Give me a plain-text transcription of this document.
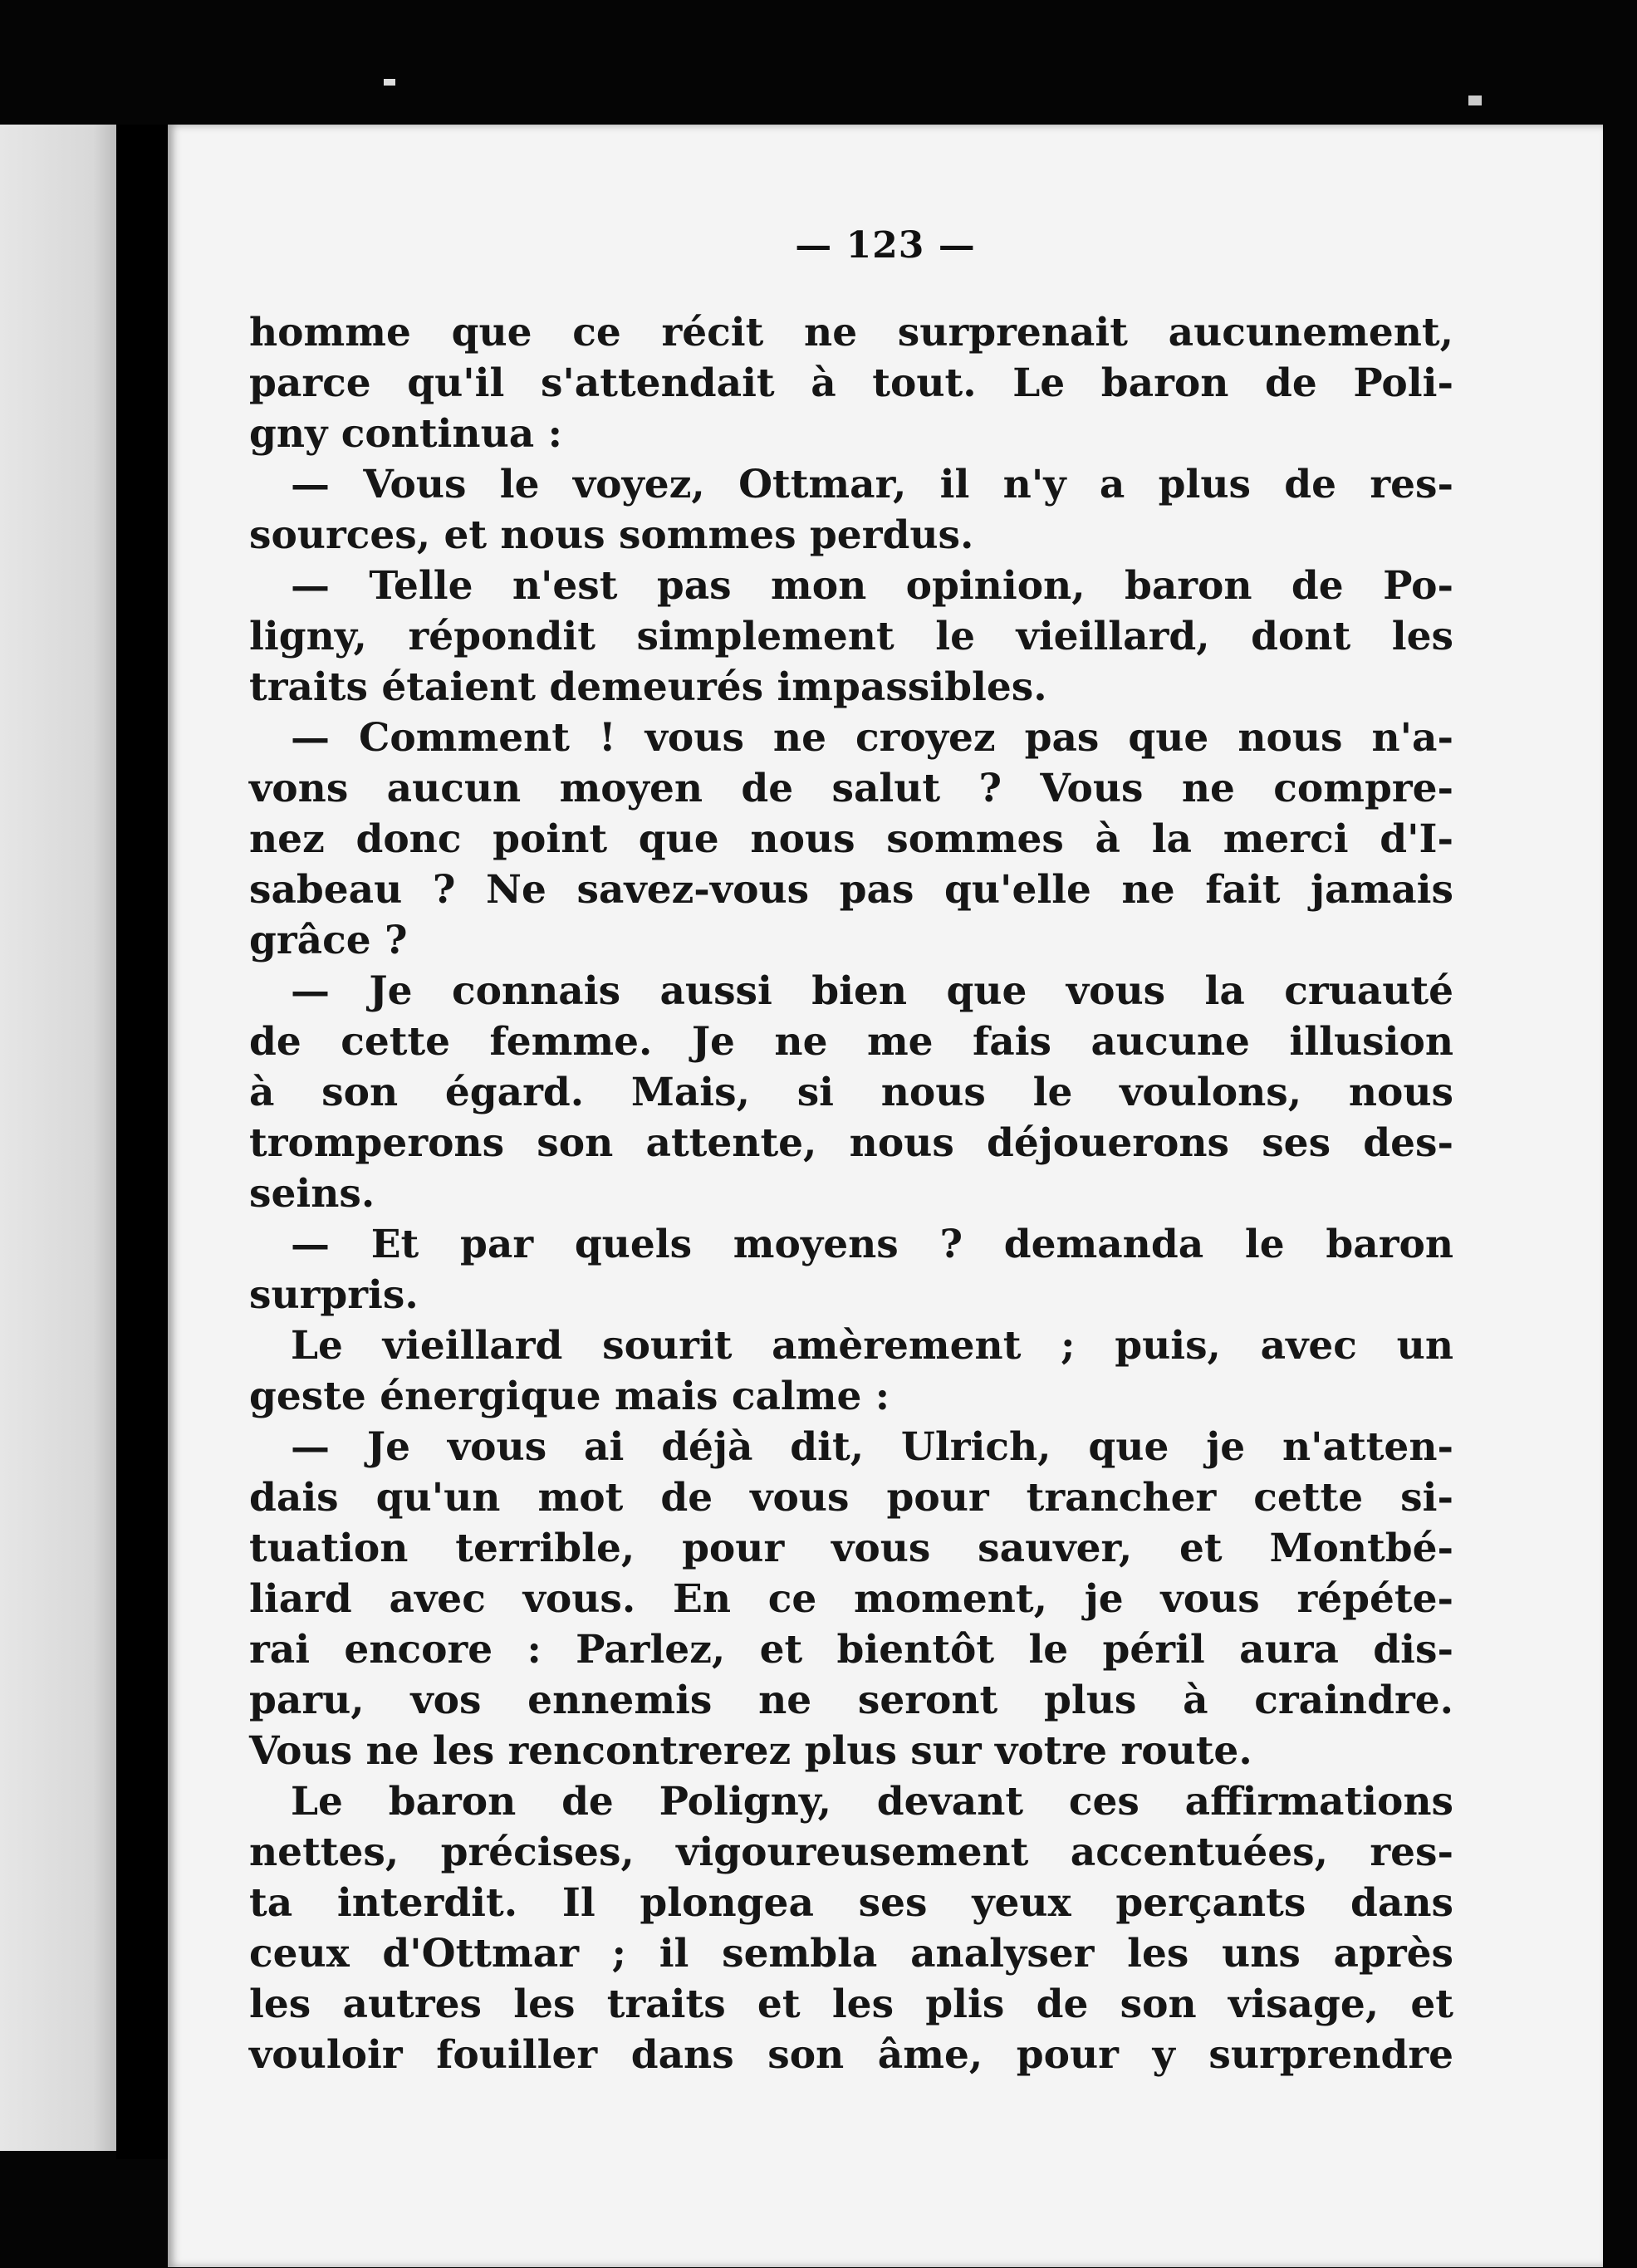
— 123 —
homme que ce récit ne surprenait aucunement,
parce qu'il s'attendait à tout. Le baron de Poli-
gny continua :
— Vous le voyez, Ottmar, il n'y a plus de res-
sources, et nous sommes perdus.
— Telle n'est pas mon opinion, baron de Po-
ligny, répondit simplement le vieillard, dont les
traits étaient demeurés impassibles.
— Comment ! vous ne croyez pas que nous n'a-
vons aucun moyen de salut ? Vous ne compre-
nez donc point que nous sommes à la merci d'I-
sabeau ? Ne savez-vous pas qu'elle ne fait jamais
grâce ?
— Je connais aussi bien que vous la cruauté
de cette femme. Je ne me fais aucune illusion
à son égard. Mais, si nous le voulons, nous
tromperons son attente, nous déjouerons ses des-
seins.
— Et par quels moyens ? demanda le baron
surpris.
Le vieillard sourit amèrement ; puis, avec un
geste énergique mais calme :
— Je vous ai déjà dit, Ulrich, que je n'atten-
dais qu'un mot de vous pour trancher cette si-
tuation terrible, pour vous sauver, et Montbé-
liard avec vous. En ce moment, je vous répéte-
rai encore : Parlez, et bientôt le péril aura dis-
paru, vos ennemis ne seront plus à craindre.
Vous ne les rencontrerez plus sur votre route.
Le baron de Poligny, devant ces affirmations
nettes, précises, vigoureusement accentuées, res-
ta interdit. Il plongea ses yeux perçants dans
ceux d'Ottmar ; il sembla analyser les uns après
les autres les traits et les plis de son visage, et
vouloir fouiller dans son âme, pour y surprendre
